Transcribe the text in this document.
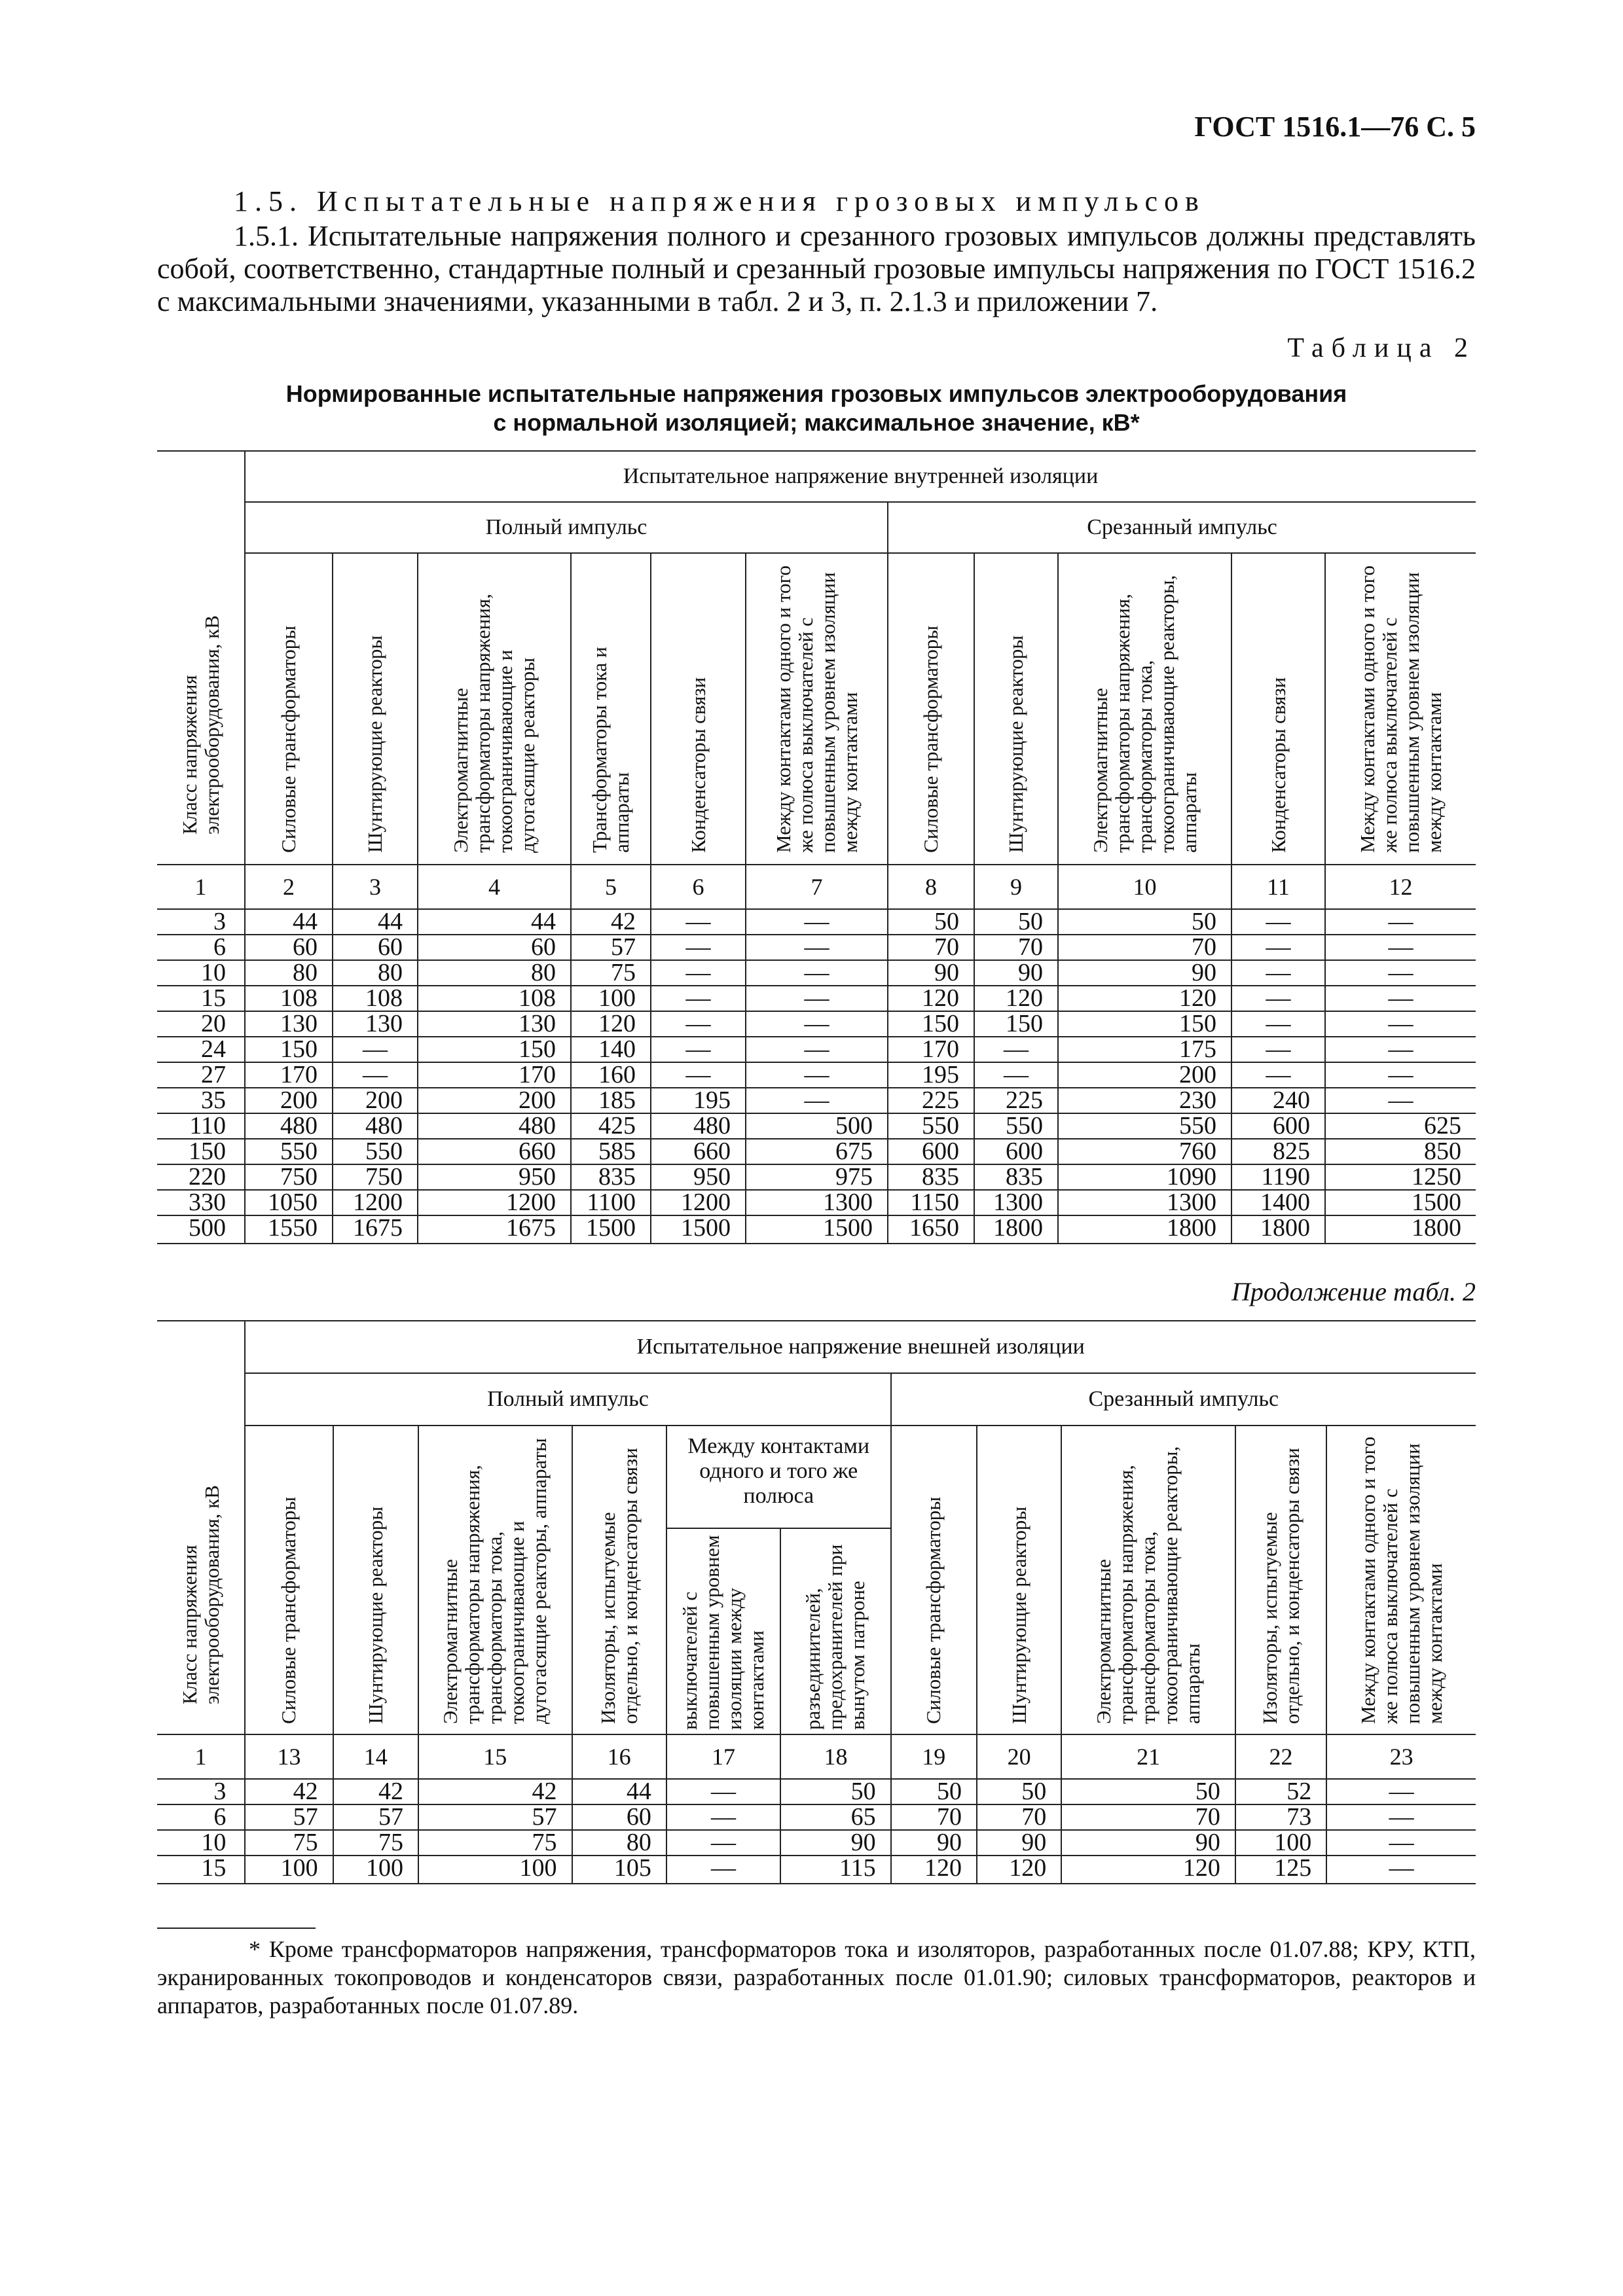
ГОСТ 1516.1—76 С. 5
1.5. Испытательные напряжения грозовых импульсов
1.5.1. Испытательные напряжения полного и срезанного грозовых импульсов должны представлять собой, соответственно, стандартные полный и срезанный грозовые импульсы напряжения по ГОСТ 1516.2 с максимальными значениями, указанными в табл. 2 и 3, п. 2.1.3 и приложении 7.
Таблица 2
Нормированные испытательные напряжения грозовых импульсов электрооборудования
с нормальной изоляцией; максимальное значение, кВ*
Класс напряжения электрооборудования, кВ	Испытательное напряжение внутренней изоляции										
	Полный импульс						Срезанный импульс				

	Силовые трансформаторы	Шунтирующие реакторы	Электромагнитные трансформаторы напряжения, токоограничивающие и дугогасящие реакторы	Трансформаторы тока и аппараты	Конденсаторы связи	Между контактами одного и того же полюса выключателей с повышенным уровнем изоляции между контактами	Силовые трансформаторы	Шунтирующие реакторы	Электромагнитные трансформаторы напряжения, трансформаторы тока, токоограничивающие реакторы, аппараты	Конденсаторы связи	Между контактами одного и того же полюса выключателей с повышенным уровнем изоляции между контактами

1	2	3	4	5	6	7	8	9	10	11	12
3	44	44	44	42	—	—	50	50	50	—	—
6	60	60	60	57	—	—	70	70	70	—	—
10	80	80	80	75	—	—	90	90	90	—	—
15	108	108	108	100	—	—	120	120	120	—	—
20	130	130	130	120	—	—	150	150	150	—	—
24	150	—	150	140	—	—	170	—	175	—	—
27	170	—	170	160	—	—	195	—	200	—	—
35	200	200	200	185	195	—	225	225	230	240	—
110	480	480	480	425	480	500	550	550	550	600	625
150	550	550	660	585	660	675	600	600	760	825	850
220	750	750	950	835	950	975	835	835	1090	1190	1250
330	1050	1200	1200	1100	1200	1300	1150	1300	1300	1400	1500
500	1550	1675	1675	1500	1500	1500	1650	1800	1800	1800	1800
Продолжение табл. 2
Класс напряжения электрооборудования, кВ	Испытательное напряжение внешней изоляции										
	Полный импульс						Срезанный импульс				

	Силовые трансформаторы	Шунтирующие реакторы	Электромагнитные трансформаторы напряжения, трансформаторы тока, токоограничивающие и дугогасящие реакторы, аппараты	Изоляторы, испытуемые отдельно, и конденсаторы связи	Между контактами одного и того же полюса		Силовые трансформаторы	Шунтирующие реакторы	Электромагнитные трансформаторы напряжения, трансформаторы тока, токоограничивающие реакторы, аппараты	Изоляторы, испытуемые отдельно, и конденсаторы связи	Между контактами одного и того же полюса выключателей с повышенным уровнем изоляции между контактами

					выключателей с повышенным уровнем изоляции между контактами	разъединителей, предохранителей при вынутом патроне					

1	13	14	15	16	17	18	19	20	21	22	23
3	42	42	42	44	—	50	50	50	50	52	—
6	57	57	57	60	—	65	70	70	70	73	—
10	75	75	75	80	—	90	90	90	90	100	—
15	100	100	100	105	—	115	120	120	120	125	—
* Кроме трансформаторов напряжения, трансформаторов тока и изоляторов, разработанных после 01.07.88; КРУ, КТП, экранированных токопроводов и конденсаторов связи, разработанных после 01.01.90; силовых трансформаторов, реакторов и аппаратов, разработанных после 01.07.89.
